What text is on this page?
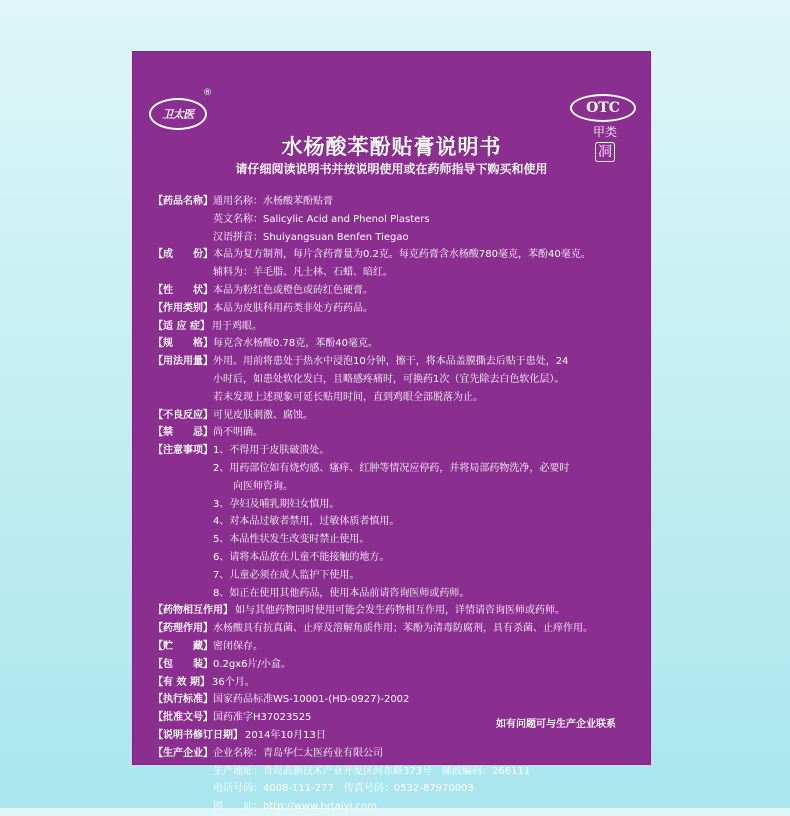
卫太医
®
OTC
甲类
㓊
水杨酸苯酚贴膏说明书
请仔细阅读说明书并按说明使用或在药师指导下购买和使用
【药品名称】 通用名称：水杨酸苯酚贴膏
英文名称：Salicylic Acid and Phenol Plasters
汉语拼音：Shuiyangsuan Benfen Tiegao
【成　　份】 本品为复方制剂，每片含药膏量为0.2克。每克药膏含水杨酸780毫克，苯酚40毫克。
辅料为：羊毛脂、凡士林、石蜡、暗红。
【性　　状】 本品为粉红色或橙色或砖红色硬膏。
【作用类别】 本品为皮肤科用药类非处方药药品。
【适 应 症】 用于鸡眼。
【规　　格】 每克含水杨酸0.78克，苯酚40毫克。
【用法用量】 外用。用前将患处于热水中浸泡10分钟，擦干，将本品盖膜撕去后贴于患处，24
小时后，如患处软化发白，且略感疼痛时，可换药1次（宜先除去白色软化层）。
若未发现上述现象可延长贴用时间，直到鸡眼全部脱落为止。
【不良反应】 可见皮肤刺激、腐蚀。
【禁　　忌】 尚不明确。
【注意事项】 1、不得用于皮肤破溃处。
2、用药部位如有烧灼感、瘙痒、红肿等情况应停药，并将局部药物洗净，必要时
　　向医师咨询。
3、孕妇及哺乳期妇女慎用。
4、对本品过敏者禁用，过敏体质者慎用。
5、本品性状发生改变时禁止使用。
6、请将本品放在儿童不能接触的地方。
7、儿童必须在成人监护下使用。
8、如正在使用其他药品，使用本品前请咨询医师或药师。
【药物相互作用】 如与其他药物同时使用可能会发生药物相互作用，详情请咨询医师或药师。
【药理作用】 水杨酸具有抗真菌、止痒及溶解角质作用；苯酚为清毒防腐剂，具有杀菌、止痒作用。
【贮　　藏】 密闭保存。
【包　　装】 0.2gx6片/小盒。
【有 效 期】 36个月。
【执行标准】 国家药品标准WS-10001-(HD-0927)-2002
【批准文号】 国药准字H37023525
【说明书修订日期】 2014年10月13日
【生产企业】 企业名称：青岛华仁太医药业有限公司
生产地址：青岛高新技术产业开发区河东路373号　邮政编码：266111
电话号码：4008-111-277　传真号码：0532-87970003
网　　址：http://www.hrtaiyi.com
如有问题可与生产企业联系
